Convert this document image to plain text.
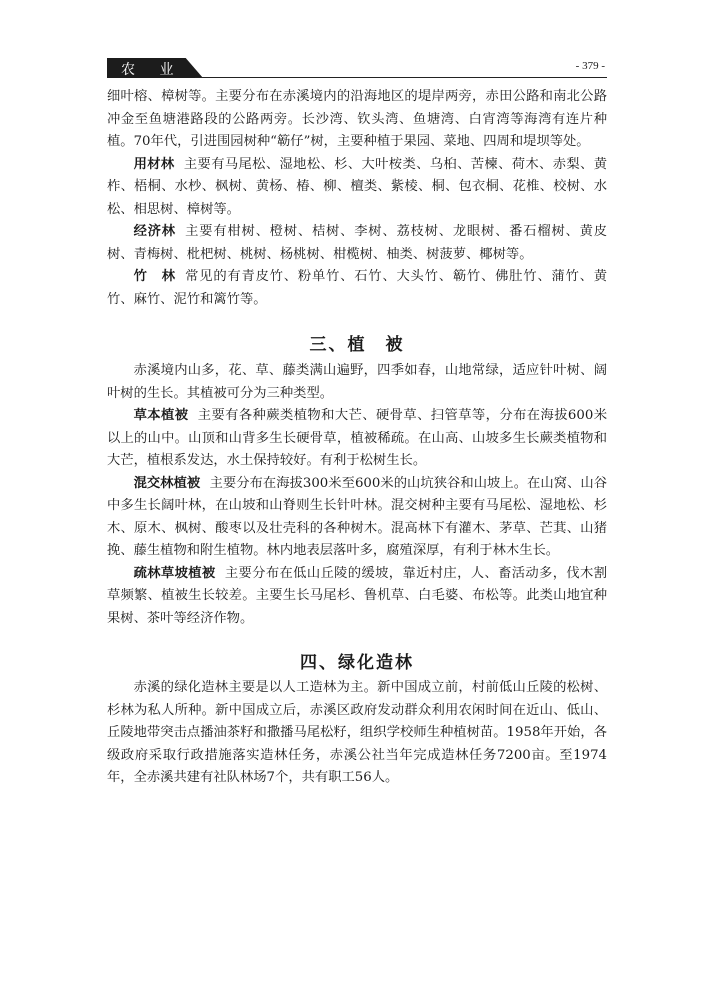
农 业	- 379 -

细叶榕、樟树等。主要分布在赤溪境内的沿海地区的堤岸两旁，赤田公路和南北公路冲金至鱼塘港路段的公路两旁。长沙湾、钦头湾、鱼塘湾、白宵湾等海湾有连片种植。70年代，引进围园树种“簕仔”树，主要种植于果园、菜地、四周和堤坝等处。

用材林 主要有马尾松、湿地松、杉、大叶桉类、乌桕、苦楝、荷木、赤梨、黄柞、梧桐、水杪、枫树、黄杨、椿、柳、檀类、紫棱、桐、包衣桐、花椎、校树、水松、相思树、樟树等。

经济林 主要有柑树、橙树、桔树、李树、荔枝树、龙眼树、番石榴树、黄皮树、青梅树、枇杷树、桃树、杨桃树、柑榄树、柚类、树菠萝、椰树等。

竹　林 常见的有青皮竹、粉单竹、石竹、大头竹、簕竹、佛肚竹、蒲竹、黄竹、麻竹、泥竹和篱竹等。

三、植　被

赤溪境内山多，花、草、藤类满山遍野，四季如春，山地常绿，适应针叶树、阔叶树的生长。其植被可分为三种类型。

草本植被 主要有各种蕨类植物和大芒、硬骨草、扫管草等，分布在海拔600米以上的山中。山顶和山背多生长硬骨草，植被稀疏。在山高、山坡多生长蕨类植物和大芒，植根系发达，水土保持较好。有利于松树生长。

混交林植被 主要分布在海拔300米至600米的山坑狭谷和山坡上。在山窝、山谷中多生长阔叶林，在山坡和山脊则生长针叶林。混交树种主要有马尾松、湿地松、杉木、原木、枫树、酸枣以及壮壳科的各种树木。混高林下有灌木、茅草、芒萁、山猪挽、藤生植物和附生植物。林内地表层落叶多，腐殖深厚，有利于林木生长。

疏林草坡植被 主要分布在低山丘陵的缓坡，靠近村庄，人、畜活动多，伐木割草频繁、植被生长较差。主要生长马尾杉、鲁机草、白毛婆、布松等。此类山地宜种果树、茶叶等经济作物。

四、绿化造林

赤溪的绿化造林主要是以人工造林为主。新中国成立前，村前低山丘陵的松树、杉林为私人所种。新中国成立后，赤溪区政府发动群众利用农闲时间在近山、低山、丘陵地带突击点播油茶籽和撒播马尾松籽，组织学校师生种植树苗。1958年开始，各级政府采取行政措施落实造林任务，赤溪公社当年完成造林任务7200亩。至1974年，全赤溪共建有社队林场7个，共有职工56人。
